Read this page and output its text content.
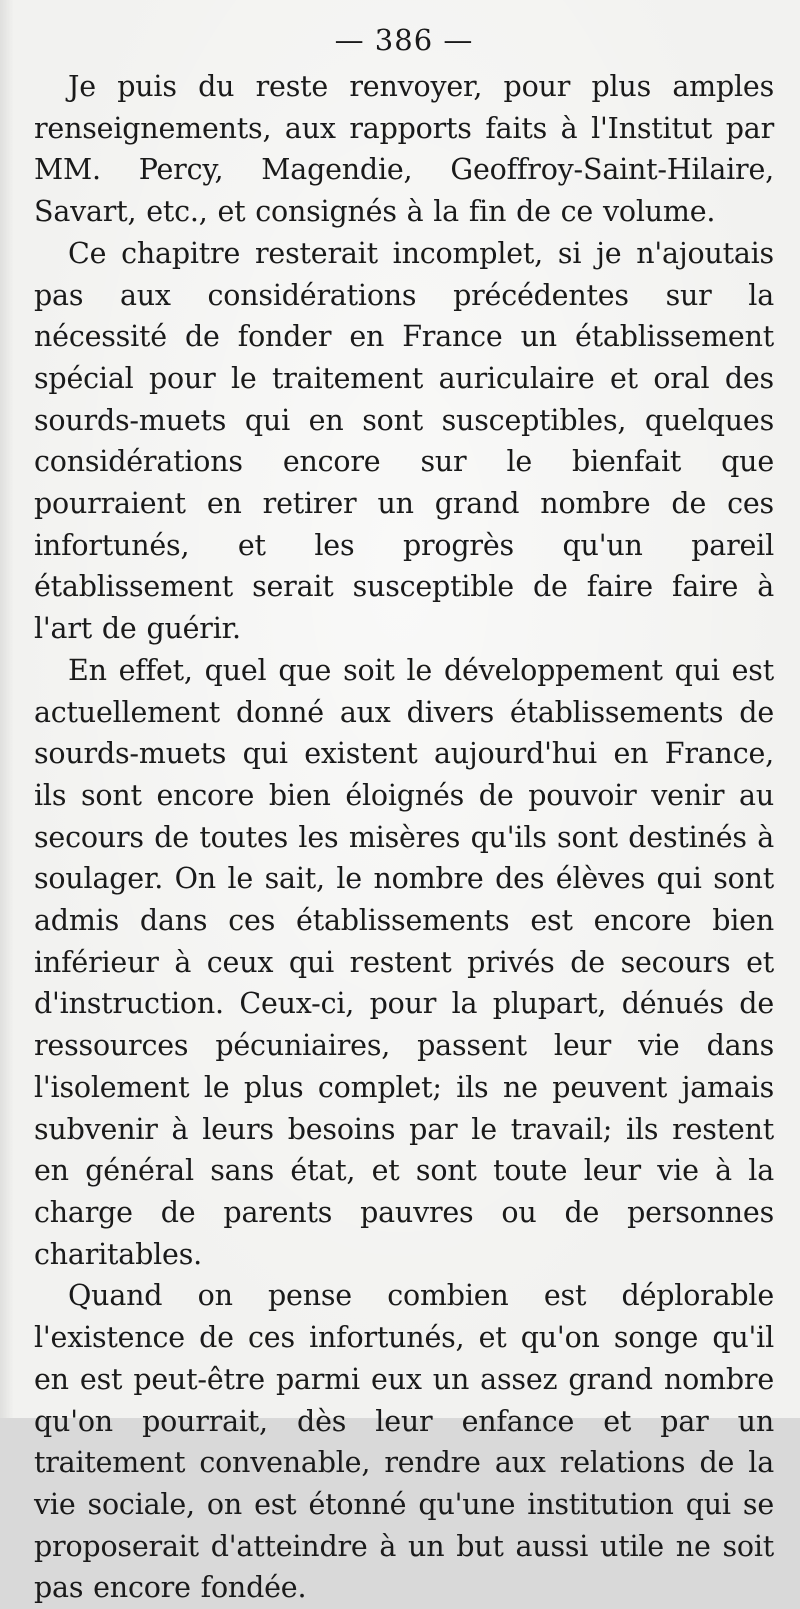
— 386 —

Je puis du reste renvoyer, pour plus amples renseignements, aux rapports faits à l'Institut par MM. Percy, Magendie, Geoffroy-Saint-Hilaire, Savart, etc., et consignés à la fin de ce volume.

Ce chapitre resterait incomplet, si je n'ajoutais pas aux considérations précédentes sur la nécessité de fonder en France un établissement spécial pour le traitement auriculaire et oral des sourds-muets qui en sont susceptibles, quelques considérations encore sur le bienfait que pourraient en retirer un grand nombre de ces infortunés, et les progrès qu'un pareil établissement serait susceptible de faire faire à l'art de guérir.

En effet, quel que soit le développement qui est actuellement donné aux divers établissements de sourds-muets qui existent aujourd'hui en France, ils sont encore bien éloignés de pouvoir venir au secours de toutes les misères qu'ils sont destinés à soulager. On le sait, le nombre des élèves qui sont admis dans ces établissements est encore bien inférieur à ceux qui restent privés de secours et d'instruction. Ceux-ci, pour la plupart, dénués de ressources pécuniaires, passent leur vie dans l'isolement le plus complet; ils ne peuvent jamais subvenir à leurs besoins par le travail; ils restent en général sans état, et sont toute leur vie à la charge de parents pauvres ou de personnes charitables.

Quand on pense combien est déplorable l'existence de ces infortunés, et qu'on songe qu'il en est peut-être parmi eux un assez grand nombre qu'on pourrait, dès leur enfance et par un traitement convenable, rendre aux relations de la vie sociale, on est étonné qu'une institution qui se proposerait d'atteindre à un but aussi utile ne soit pas encore fondée.
